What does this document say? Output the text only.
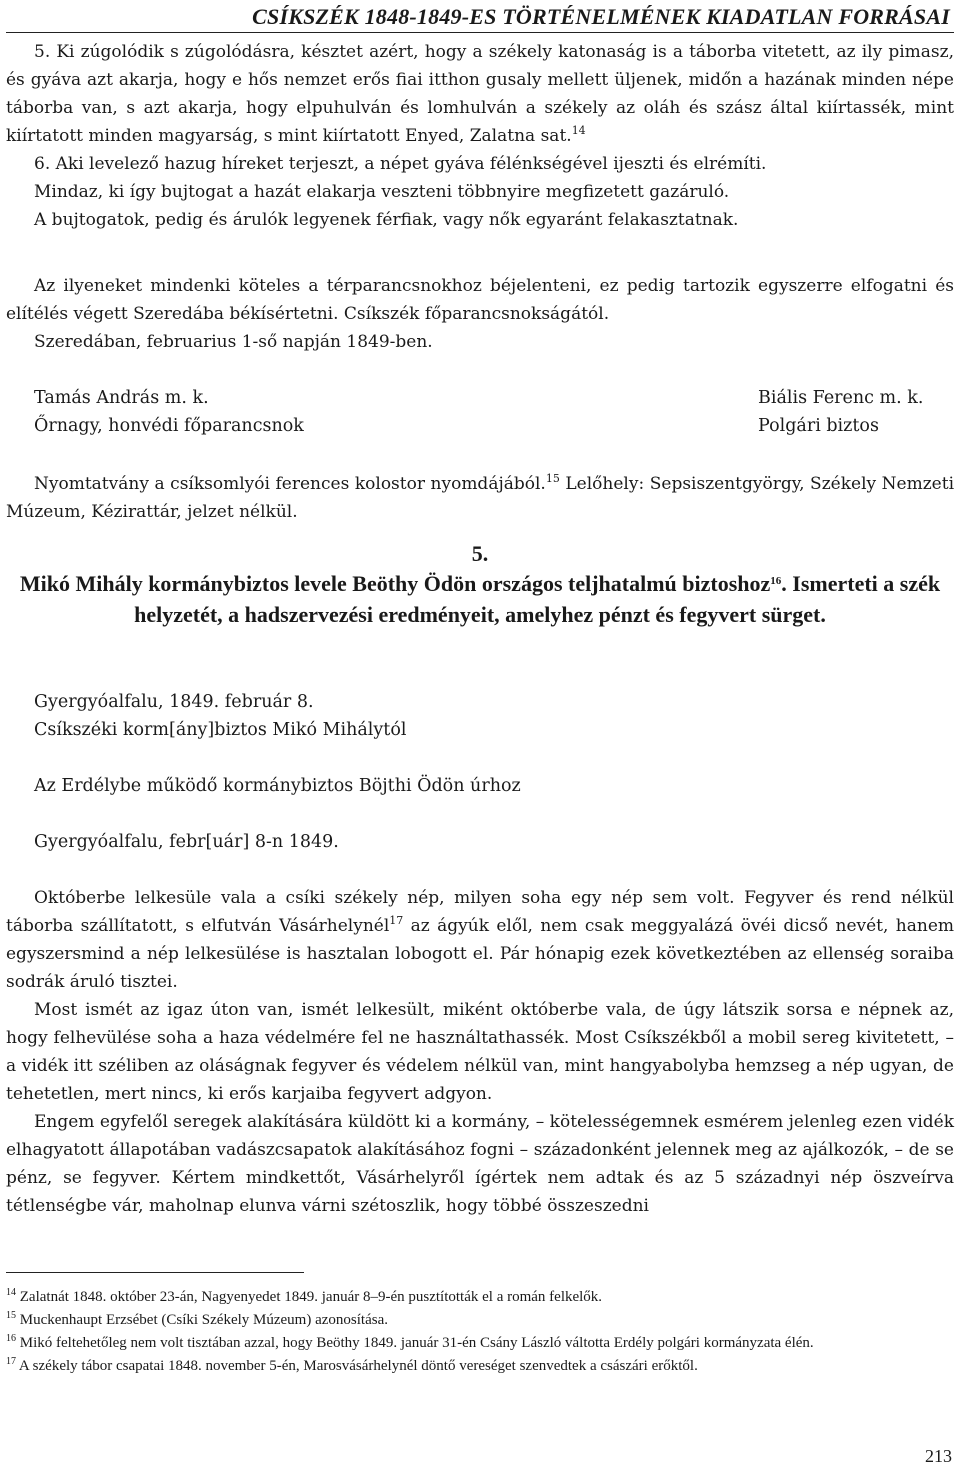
CSÍKSZÉK 1848-1849-ES TÖRTÉNELMÉNEK KIADATLAN FORRÁSAI

5. Ki zúgolódik s zúgolódásra, késztet azért, hogy a székely katonaság is a táborba vitetett, az ily pimasz, és gyáva azt akarja, hogy e hős nemzet erős fiai itthon gusaly mellett üljenek, midőn a hazának minden népe táborba van, s azt akarja, hogy elpuhulván és lomhulván a székely az oláh és szász által kiírtassék, mint kiírtatott minden magyarság, s mint kiírtatott Enyed, Zalatna sat.$^{14}$

6. Aki levelező hazug híreket terjeszt, a népet gyáva félénkségével ijeszti és elrémíti.

Mindaz, ki így bujtogat a hazát elakarja veszteni többnyire megfizetett gazáruló.

A bujtogatok, pedig és árulók legyenek férfiak, vagy nők egyaránt felakasztatnak.

Az ilyeneket mindenki köteles a térparancsnokhoz béjelenteni, ez pedig tartozik egyszerre elfogatni és elítélés végett Szeredába békísértetni. Csíkszék főparancsnokságától.

Szeredában, februarius 1-ső napján 1849-ben.

Tamás András m. k.
Őrnagy, honvédi főparancsnok
Biális Ferenc m. k.
Polgári biztos

Nyomtatvány a csíksomlyói ferences kolostor nyomdájából.$^{15}$ Lelőhely: Sepsiszentgyörgy, Székely Nemzeti Múzeum, Kézirattár, jelzet nélkül.

5.
Mikó Mihály kormánybiztos levele Beöthy Ödön országos teljhatalmú biztoshoz$^{16}$. Ismerteti a szék helyzetét, a hadszervezési eredményeit, amelyhez pénzt és fegyvert sürget.
Gyergyóalfalu, 1849. február 8.
Csíkszéki korm[ány]biztos Mikó Mihálytól
Az Erdélybe működő kormánybiztos Böjthi Ödön úrhoz
Gyergyóalfalu, febr[uár] 8-n 1849.

Októberbe lelkesüle vala a csíki székely nép, milyen soha egy nép sem volt. Fegyver és rend nélkül táborba szállítatott, s elfutván Vásárhelynél$^{17}$ az ágyúk elől, nem csak meggyalázá övéi dicső nevét, hanem egyszersmind a nép lelkesülése is hasztalan lobogott el. Pár hónapig ezek következtében az ellenség soraiba sodrák áruló tisztei.

Most ismét az igaz úton van, ismét lelkesült, miként októberbe vala, de úgy látszik sorsa e népnek az, hogy felhevülése soha a haza védelmére fel ne használtathassék. Most Csíkszékből a mobil sereg kivitetett, – a vidék itt széliben az oláságnak fegyver és védelem nélkül van, mint hangyabolyba hemzseg a nép ugyan, de tehetetlen, mert nincs, ki erős karjaiba fegyvert adgyon.

Engem egyfelől seregek alakítására küldött ki a kormány, – kötelességemnek esmérem jelenleg ezen vidék elhagyatott állapotában vadászcsapatok alakításához fogni – századonként jelennek meg az ajálkozók, – de se pénz, se fegyver. Kértem mindkettőt, Vásárhelyről ígértek nem adtak és az 5 századnyi nép öszveírva tétlenségbe vár, maholnap elunva várni szétoszlik, hogy többé összeszedni

$^{14}$ Zalatnát 1848. október 23-án, Nagyenyedet 1849. január 8–9-én pusztították el a román felkelők.

$^{15}$ Muckenhaupt Erzsébet (Csíki Székely Múzeum) azonosítása.

$^{16}$ Mikó feltehetőleg nem volt tisztában azzal, hogy Beöthy 1849. január 31-én Csány László váltotta Erdély polgári kormányzata élén.

$^{17}$ A székely tábor csapatai 1848. november 5-én, Marosvásárhelynél döntő vereséget szenvedtek a császári erőktől.

213
